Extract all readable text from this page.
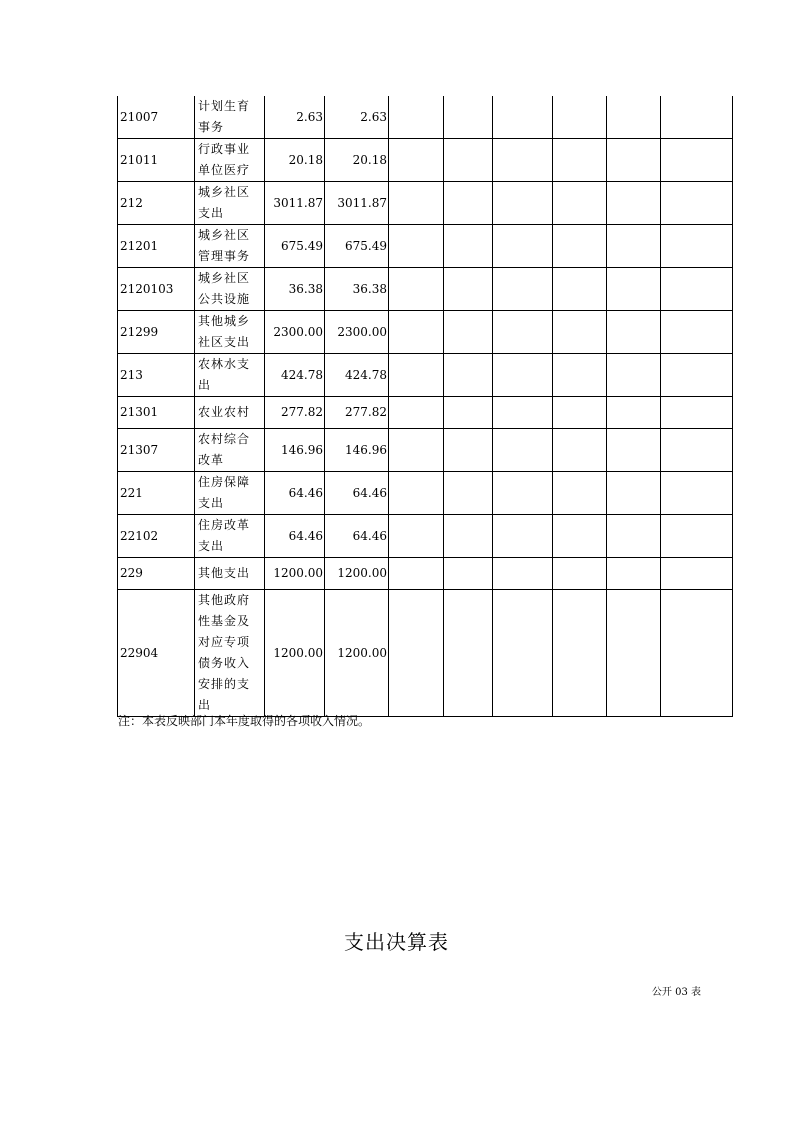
21007	计划生育事务	2.63	2.63						
21011	行政事业单位医疗	20.18	20.18						
212	城乡社区支出	3011.87	3011.87						
21201	城乡社区管理事务	675.49	675.49						
2120103	城乡社区公共设施	36.38	36.38						
21299	其他城乡社区支出	2300.00	2300.00						
213	农林水支出	424.78	424.78						
21301	农业农村	277.82	277.82						
21307	农村综合改革	146.96	146.96						
221	住房保障支出	64.46	64.46						
22102	住房改革支出	64.46	64.46						
229	其他支出	1200.00	1200.00						
22904	其他政府性基金及对应专项债务收入安排的支出	1200.00	1200.00						
注：本表反映部门本年度取得的各项收入情况。
支出决算表
公开 03 表
